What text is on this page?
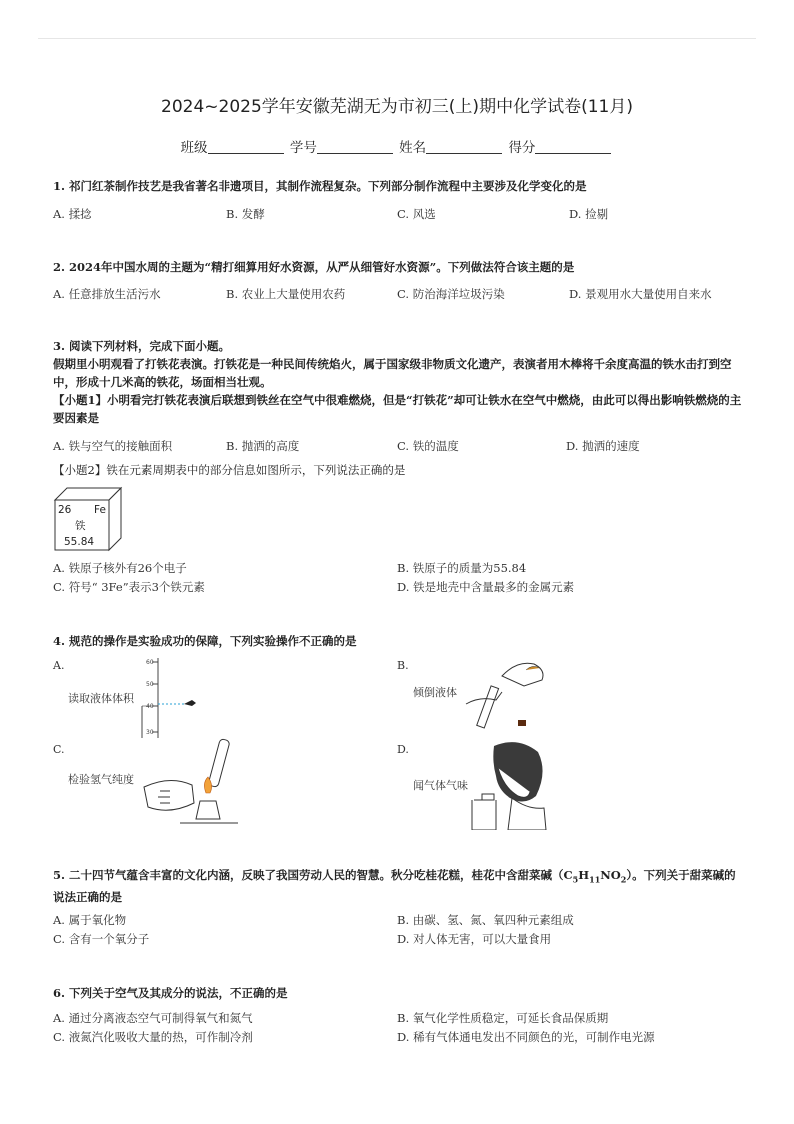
2024~2025学年安徽芜湖无为市初三(上)期中化学试卷(11月)
班级	学号	姓名	得分
1. 祁门红茶制作技艺是我省著名非遗项目，其制作流程复杂。下列部分制作流程中主要涉及化学变化的是
A. 揉捻	B. 发酵	C. 风选	D. 捡剔
2. 2024年中国水周的主题为“精打细算用好水资源，从严从细管好水资源”。下列做法符合该主题的是
A. 任意排放生活污水	B. 农业上大量使用农药	C. 防治海洋垃圾污染	D. 景观用水大量使用自来水
3. 阅读下列材料，完成下面小题。
假期里小明观看了打铁花表演。打铁花是一种民间传统焰火，属于国家级非物质文化遗产，表演者用木棒将千余度高温的铁水击打到空中，形成十几米高的铁花，场面相当壮观。
【小题1】小明看完打铁花表演后联想到铁丝在空气中很难燃烧，但是“打铁花”却可让铁水在空气中燃烧，由此可以得出影响铁燃烧的主要因素是
A. 铁与空气的接触面积	B. 抛洒的高度	C. 铁的温度	D. 抛洒的速度
【小题2】铁在元素周期表中的部分信息如图所示，下列说法正确的是
26 Fe
铁
55.84
A. 铁原子核外有26个电子	B. 铁原子的质量为55.84
C. 符号“ 3Fe”表示3个铁元素	D. 铁是地壳中含量最多的金属元素
4. 规范的操作是实验成功的保障，下列实验操作不正确的是
A.
读取液体体积
60
50
40
30
B.
倾倒液体
C.
检验氢气纯度
D.
闻气体气味
5. 二十四节气蕴含丰富的文化内涵，反映了我国劳动人民的智慧。秋分吃桂花糕，桂花中含甜菜碱$(C_5H_{11}NO_2)$。下列关于甜菜碱的说法正确的是
A. 属于氧化物	B. 由碳、氢、氮、氧四种元素组成
C. 含有一个氧分子	D. 对人体无害，可以大量食用
6. 下列关于空气及其成分的说法，不正确的是
A. 通过分离液态空气可制得氧气和氮气	B. 氧气化学性质稳定，可延长食品保质期
C. 液氮汽化吸收大量的热，可作制冷剂	D. 稀有气体通电发出不同颜色的光，可制作电光源
